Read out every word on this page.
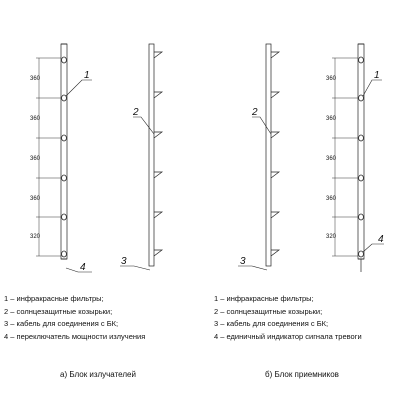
360
360
360
360
320
1
4
2
3
2
3
360
360
360
360
320
1
4
1 – инфракрасные фильтры;
2 – солнцезащитные козырьки;
3 – кабель для соединения с БК;
4 – переключатель мощности излучения
1 – инфракрасные фильтры;
2 – солнцезащитные козырьки;
3 – кабель для соединения с БК;
4 – единичный индикатор сигнала тревоги
а) Блок излучателей	б) Блок приемников
